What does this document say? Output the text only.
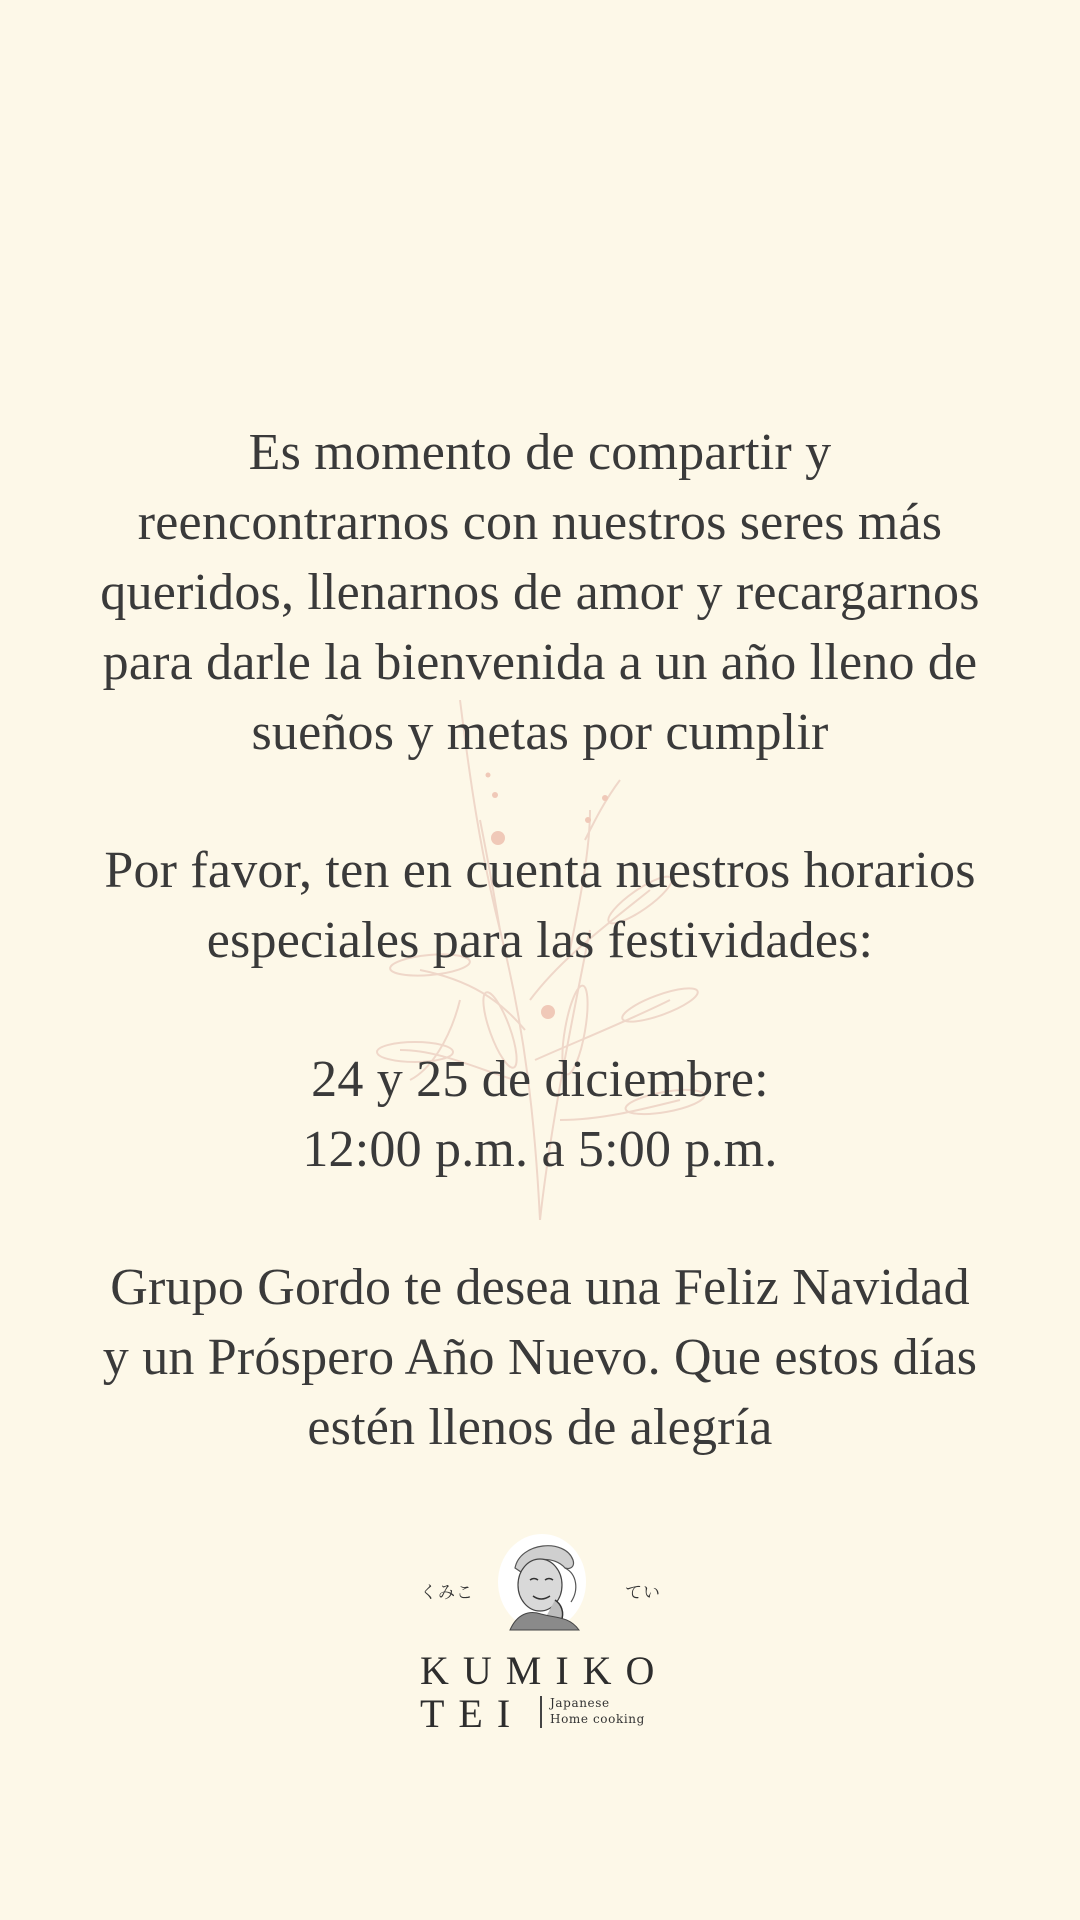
Es momento de compartir y

reencontrarnos con nuestros seres más

queridos, llenarnos de amor y recargarnos

para darle la bienvenida a un año lleno de

sueños y metas por cumplir

Por favor, ten en cuenta nuestros horarios

especiales para las festividades:

24 y 25 de diciembre:

12:00 p.m. a 5:00 p.m.

Grupo Gordo te desea una Feliz Navidad

y un Próspero Año Nuevo. Que estos días

estén llenos de alegría

くみこ	てい
KUMIKO
TEI Japanese
Home cooking
